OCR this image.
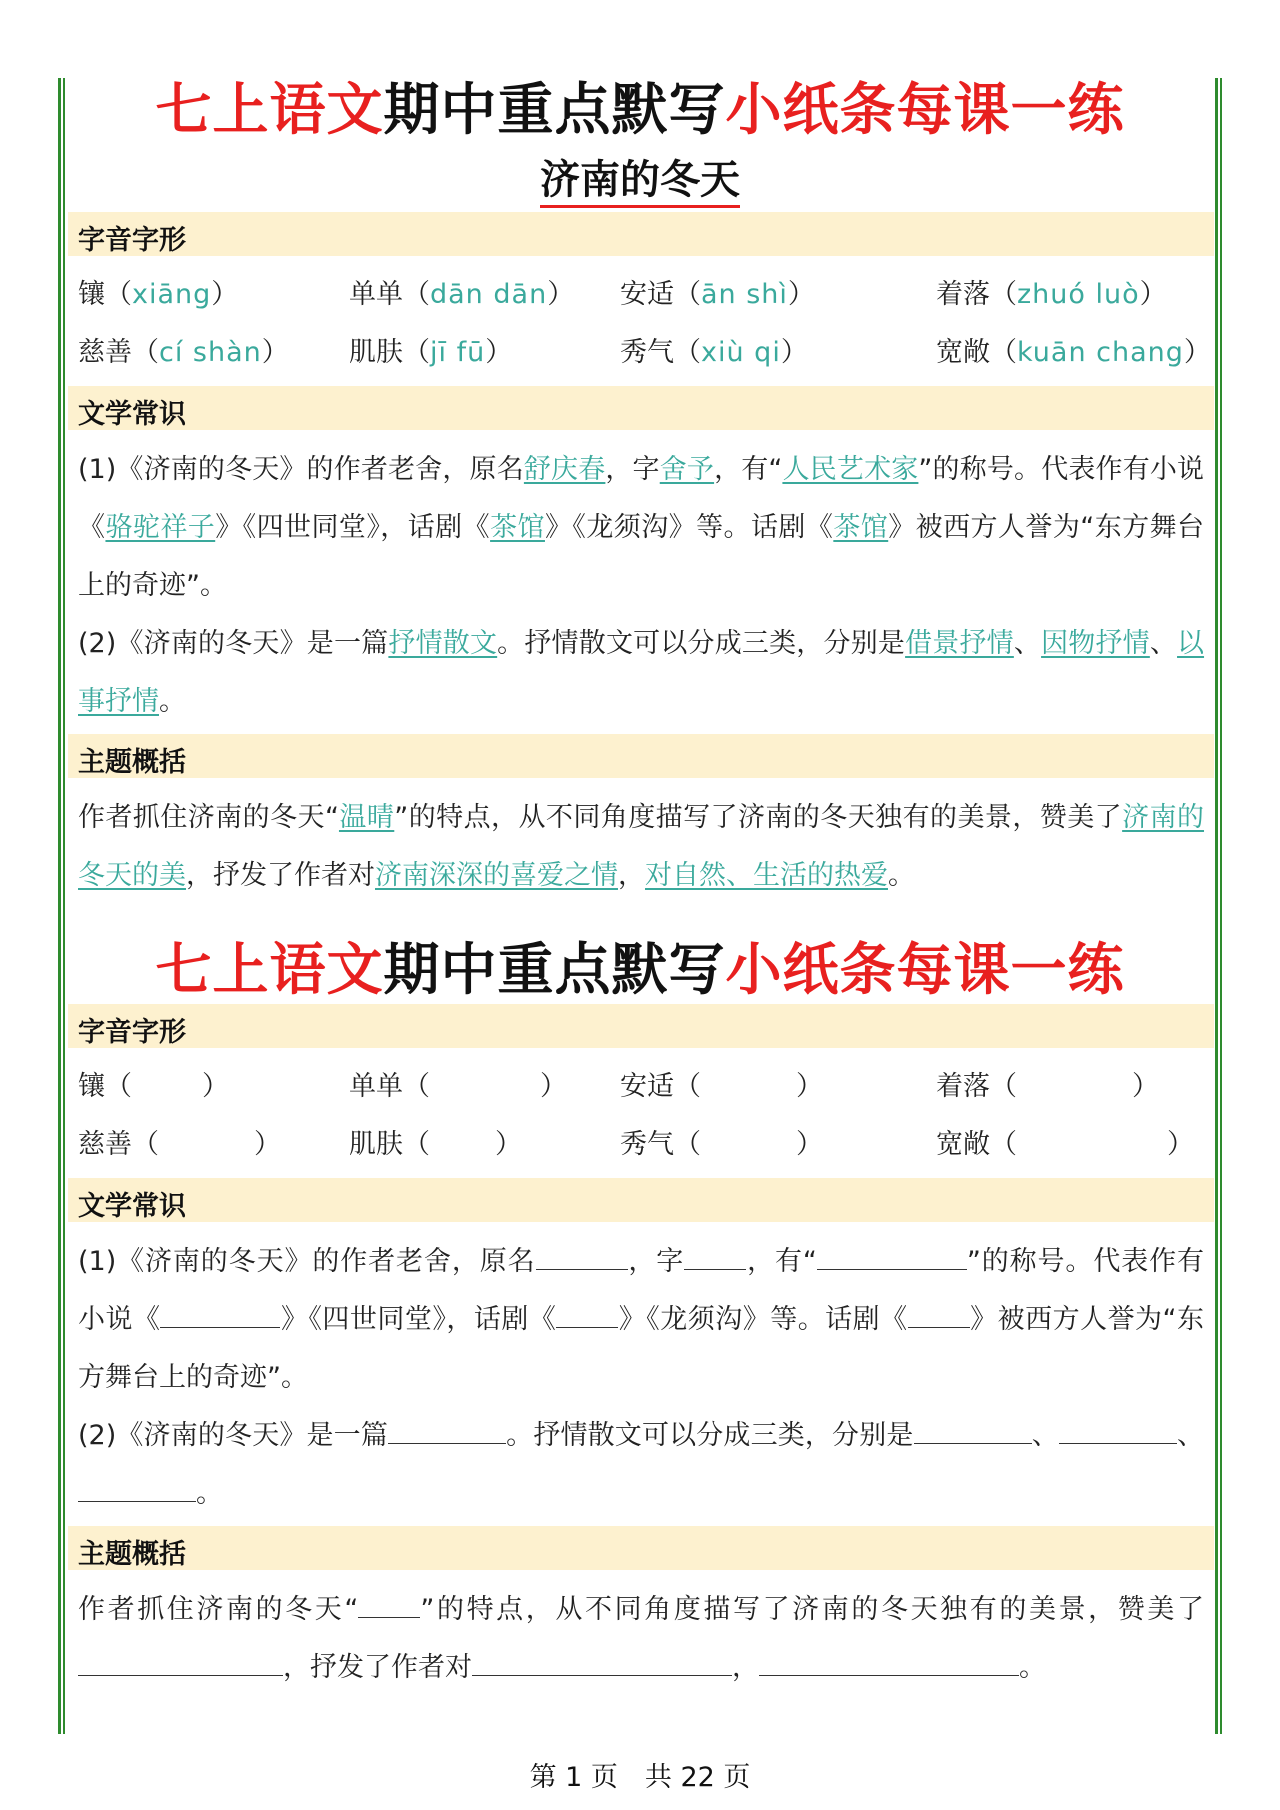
七上语文期中重点默写小纸条每课一练
济南的冬天
字音字形
镶（xiāng）	单单（dān dān） 安适（ān shì）	着落（zhuó luò）
慈善（cí shàn） 肌肤（jī fū）	秀气（xiù qi）	宽敞（kuān chang）
文学常识
(1)《济南的冬天》的作者老舍，原名舒庆春，字舍予，有“人民艺术家”的称号。代表作有小说《骆驼祥子》《四世同堂》，话剧《茶馆》《龙须沟》等。话剧《茶馆》被西方人誉为“东方舞台上的奇迹”。
(2)《济南的冬天》是一篇抒情散文。抒情散文可以分成三类，分别是借景抒情、因物抒情、以事抒情。
主题概括
作者抓住济南的冬天“温晴”的特点，从不同角度描写了济南的冬天独有的美景，赞美了济南的冬天的美，抒发了作者对济南深深的喜爱之情，对自然、生活的热爱。
七上语文期中重点默写小纸条每课一练
字音字形
镶（	）	单单（	） 安适（	）	着落（	）
慈善（	）	肌肤（ ）	秀气（	）	宽敞（	）
文学常识
(1)《济南的冬天》的作者老舍，原名	，字 ，有“	”的称号。代表作有小说《	》《四世同堂》，话剧《 》《龙须沟》等。话剧《 》被西方人誉为“东方舞台上的奇迹”。
(2)《济南的冬天》是一篇	。抒情散文可以分成三类，分别是	、	、。
主题概括
作者抓住济南的冬天“ ”的特点，从不同角度描写了济南的冬天独有的美景，赞美了，抒发了作者对	，	。
第 1 页　共 22 页
